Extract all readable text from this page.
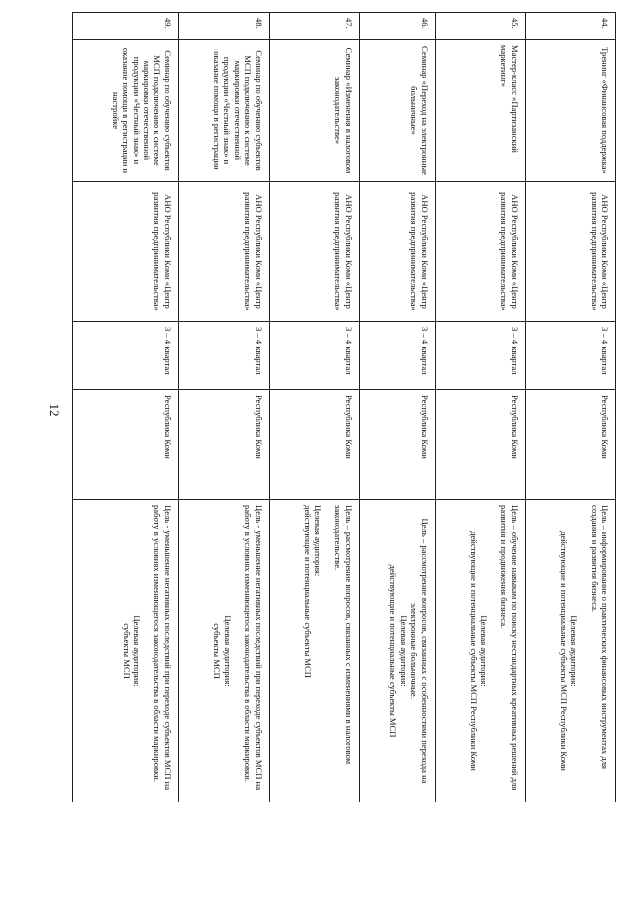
12
44.	Тренинг «Финансовая поддержка»	АНО Республики Коми «Центр развития предпринимательства»	3 – 4 квартал	Республика Коми	Цель – информирование о практических финансовых инструментах для создания и развития бизнеса.

Целевая аудитория:

действующие и потенциальные субъекты МСП Республики Коми

45.	Мастер-класс «Партизанский маркетинг»	АНО Республики Коми «Центр развития предпринимательства»	3 – 4 квартал	Республика Коми	Цель – обучение навыкам по поиску нестандартных креативных решений для развития и продвижения бизнеса.

Целевая аудитория:

действующие и потенциальные субъекты МСП Республики Коми

46.	Семинар «Переход на электронные больничные»	АНО Республики Коми «Центр развития предпринимательства»	3 – 4 квартал	Республика Коми	Цель – рассмотрение вопросов, связанных с особенностями перехода на электронные больничные.

Целевая аудитория:

действующие и потенциальные субъекты МСП

47.	Семинар «Изменения в налоговом законодательстве»	АНО Республики Коми «Центр развития предпринимательства»	3 – 4 квартал	Республика Коми	Цель – рассмотрение вопросов, связанных с изменениями в налоговом законодательстве.

Целевая аудитория:

действующие и потенциальные субъекты МСП

48.	Семинар по обучению субъектов МСП подключению к системе маркировки отечественной продукции «Честный знак» и оказание помощи в регистрации	АНО Республики Коми «Центр развития предпринимательства»	3 – 4 квартал	Республика Коми	Цель - уменьшение негативных последствий при переходе субъектов МСП на работу в условиях изменяющегося законодательства в области маркировки.

Целевая аудитория:

субъекты МСП

49.	Семинар по обучению субъектов МСП подключению к системе маркировки отечественной продукции «Честный знак» и оказание помощи в регистрации и настройке	АНО Республики Коми «Центр развития предпринимательства»	3 – 4 квартал	Республика Коми	Цель - уменьшение негативных последствий при переходе субъектов МСП на работу в условиях изменяющегося законодательства в области маркировки.

Целевая аудитория:

субъекты МСП
